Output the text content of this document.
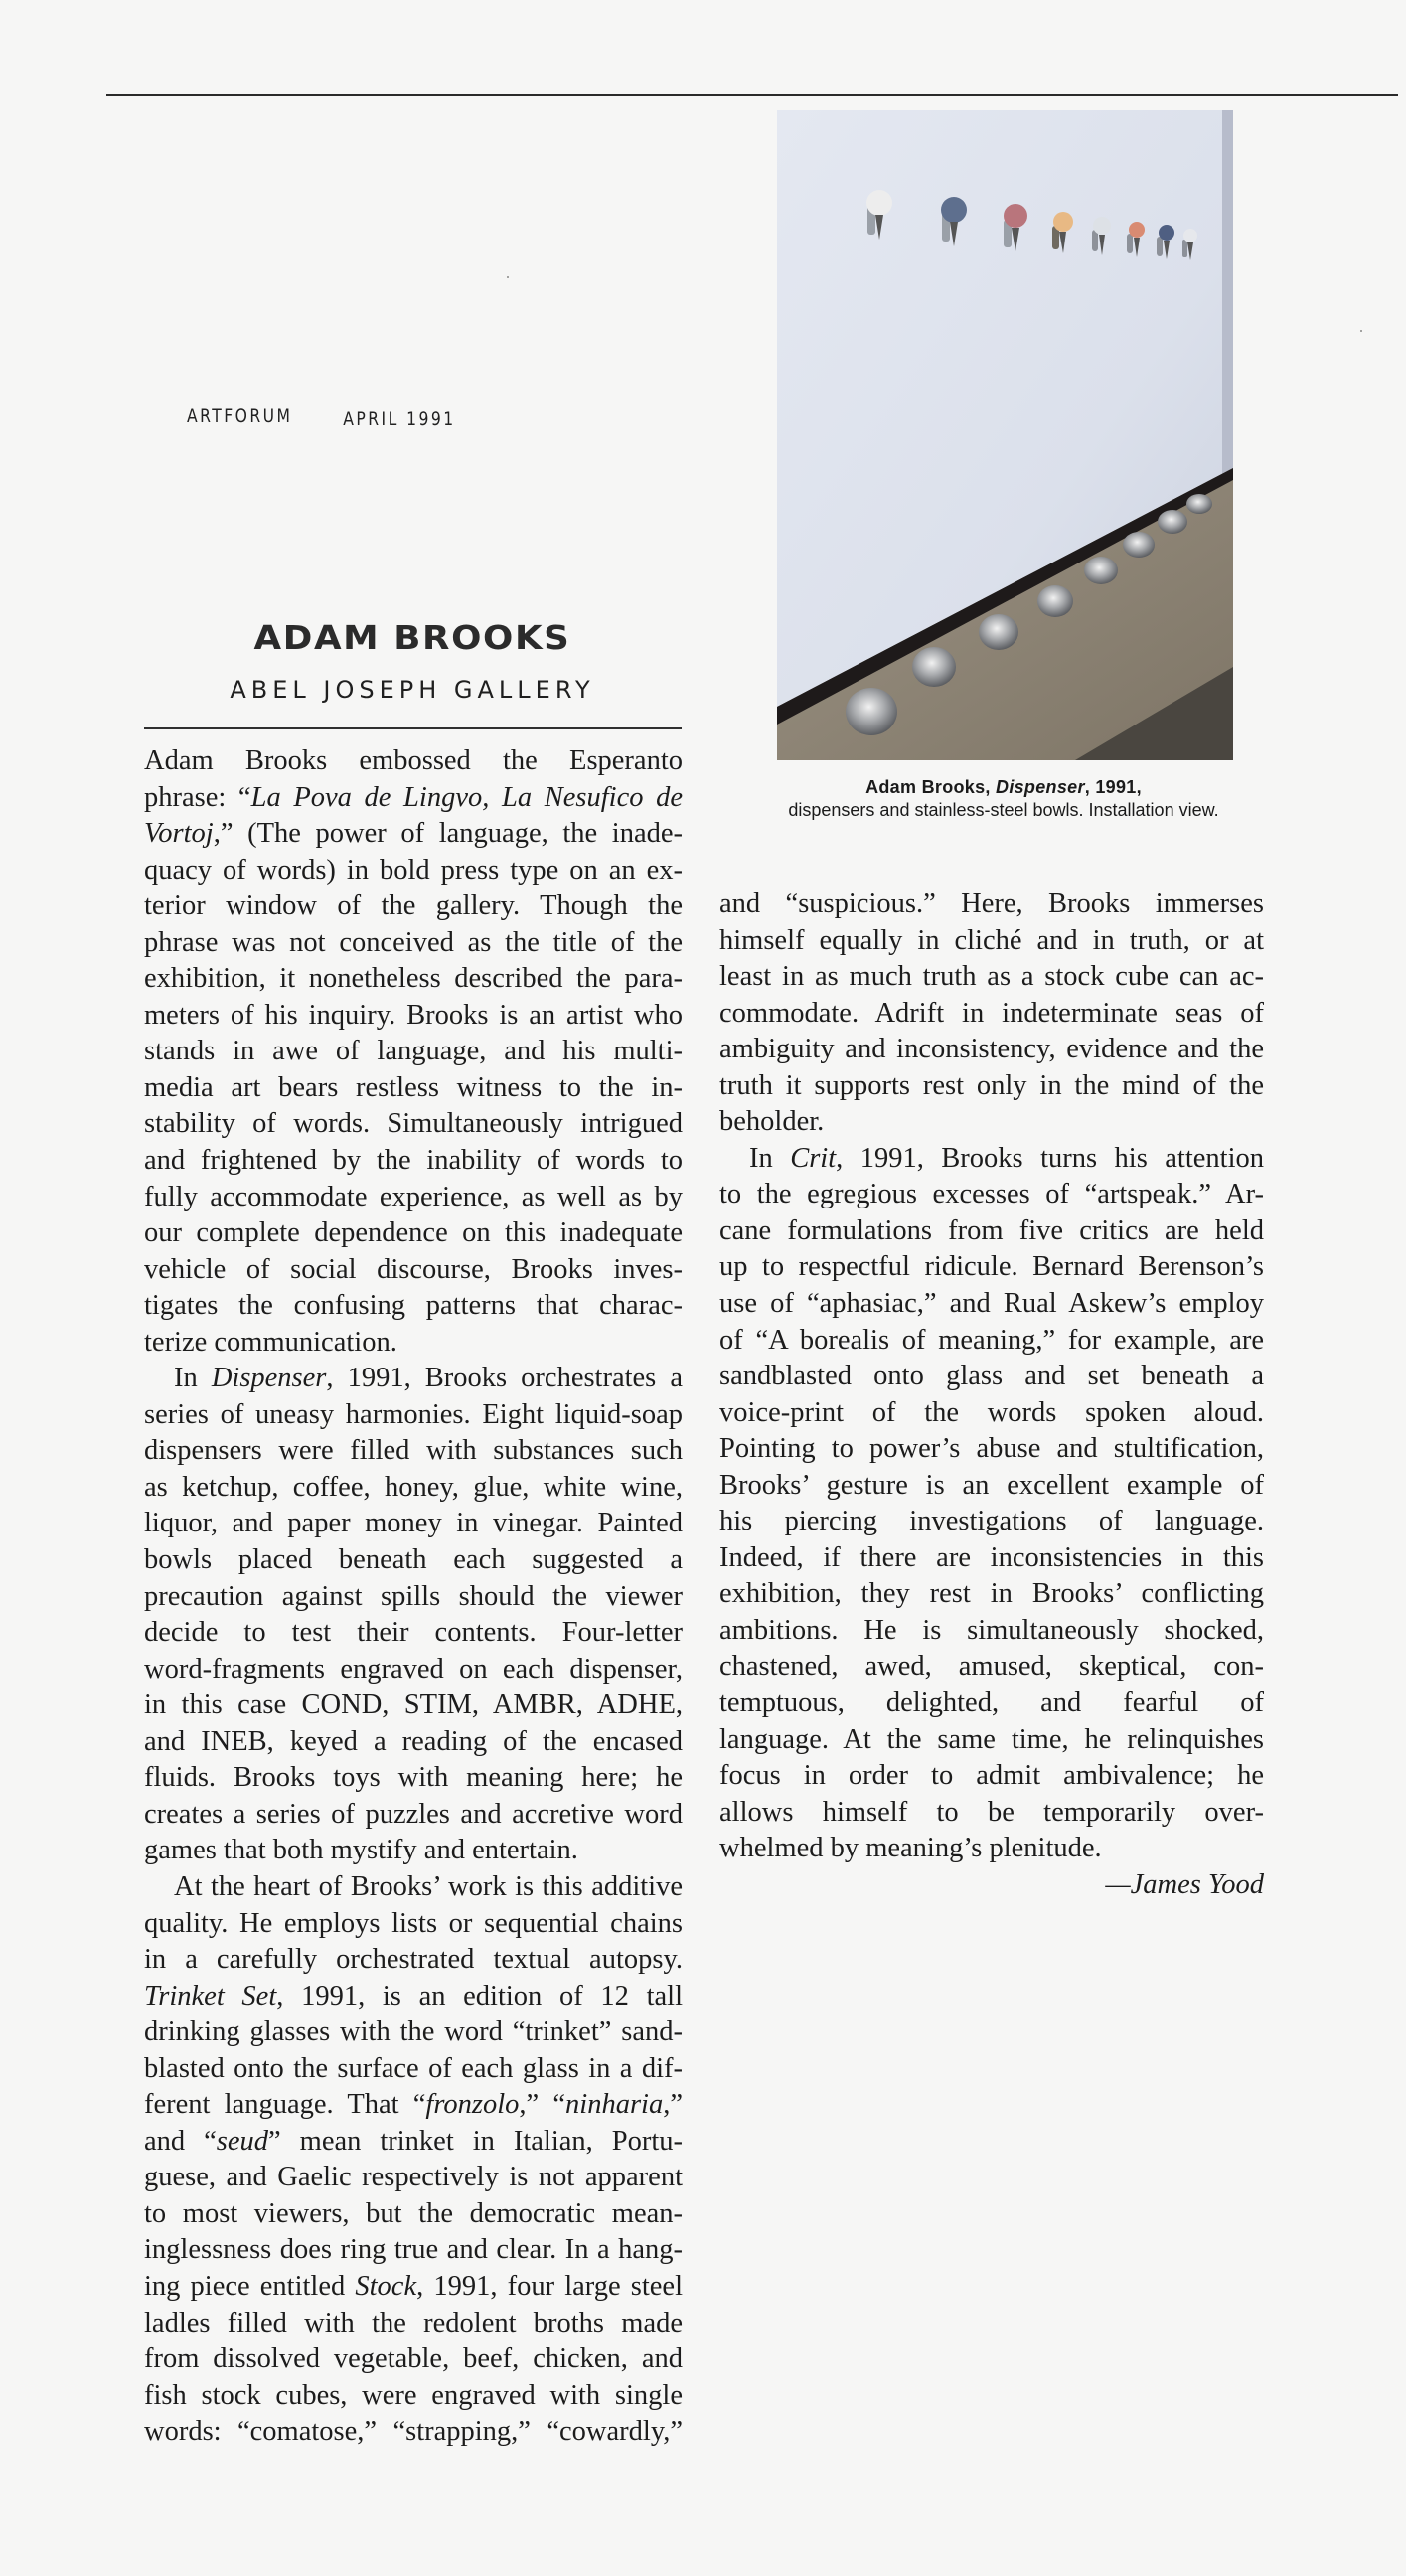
ARTFORUM	APRIL 1991
ADAM BROOKS
ABEL JOSEPH GALLERY
Adam Brooks embossed the Esperanto
phrase: “La Pova de Lingvo, La Nesufico de
Vortoj,” (The power of language, the inade-
quacy of words) in bold press type on an ex-
terior window of the gallery. Though the
phrase was not conceived as the title of the
exhibition, it nonetheless described the para-
meters of his inquiry. Brooks is an artist who
stands in awe of language, and his multi-
media art bears restless witness to the in-
stability of words. Simultaneously intrigued
and frightened by the inability of words to
fully accommodate experience, as well as by
our complete dependence on this inadequate
vehicle of social discourse, Brooks inves-
tigates the confusing patterns that charac-
terize communication.
In Dispenser, 1991, Brooks orchestrates a
series of uneasy harmonies. Eight liquid-soap
dispensers were filled with substances such
as ketchup, coffee, honey, glue, white wine,
liquor, and paper money in vinegar. Painted
bowls placed beneath each suggested a
precaution against spills should the viewer
decide to test their contents. Four-letter
word-fragments engraved on each dispenser,
in this case COND, STIM, AMBR, ADHE,
and INEB, keyed a reading of the encased
fluids. Brooks toys with meaning here; he
creates a series of puzzles and accretive word
games that both mystify and entertain.
At the heart of Brooks’ work is this additive
quality. He employs lists or sequential chains
in a carefully orchestrated textual autopsy.
Trinket Set, 1991, is an edition of 12 tall
drinking glasses with the word “trinket” sand-
blasted onto the surface of each glass in a dif-
ferent language. That “fronzolo,” “ninharia,”
and “seud” mean trinket in Italian, Portu-
guese, and Gaelic respectively is not apparent
to most viewers, but the democratic mean-
inglessness does ring true and clear. In a hang-
ing piece entitled Stock, 1991, four large steel
ladles filled with the redolent broths made
from dissolved vegetable, beef, chicken, and
fish stock cubes, were engraved with single
words: “comatose,” “strapping,” “cowardly,”
and “suspicious.” Here, Brooks immerses
himself equally in cliché and in truth, or at
least in as much truth as a stock cube can ac-
commodate. Adrift in indeterminate seas of
ambiguity and inconsistency, evidence and the
truth it supports rest only in the mind of the
beholder.
In Crit, 1991, Brooks turns his attention
to the egregious excesses of “artspeak.” Ar-
cane formulations from five critics are held
up to respectful ridicule. Bernard Berenson’s
use of “aphasiac,” and Rual Askew’s employ
of “A borealis of meaning,” for example, are
sandblasted onto glass and set beneath a
voice-print of the words spoken aloud.
Pointing to power’s abuse and stultification,
Brooks’ gesture is an excellent example of
his piercing investigations of language.
Indeed, if there are inconsistencies in this
exhibition, they rest in Brooks’ conflicting
ambitions. He is simultaneously shocked,
chastened, awed, amused, skeptical, con-
temptuous, delighted, and fearful of
language. At the same time, he relinquishes
focus in order to admit ambivalence; he
allows himself to be temporarily over-
whelmed by meaning’s plenitude.
—James Yood
Adam Brooks, Dispenser, 1991,
dispensers and stainless-steel bowls. Installation view.
